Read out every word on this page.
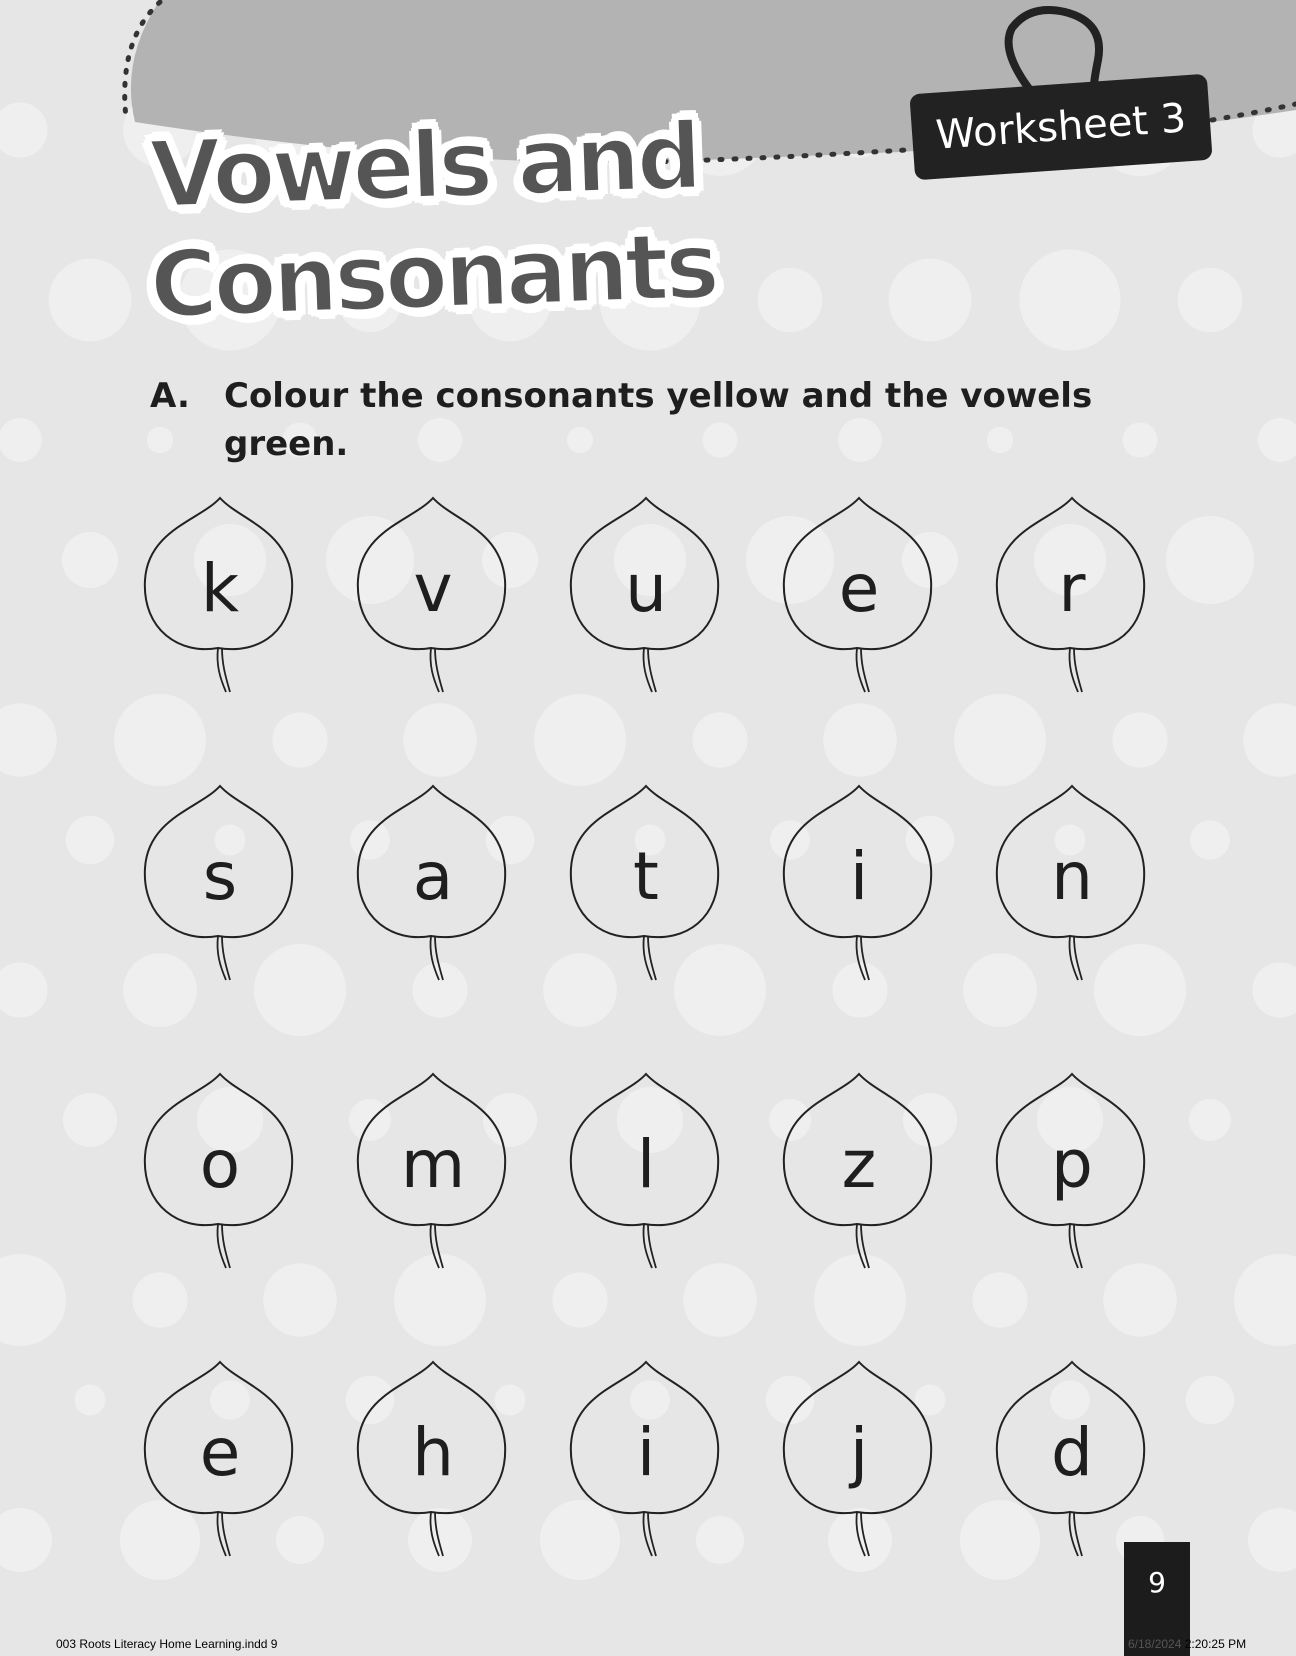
Vowels and
Consonants
Worksheet 3
A. Colour the consonants yellow and the vowels green.
k	v	u	e	r
s	a	t	i	n
o	m	l	z	p
e	h	i	j	d
9
003 Roots Literacy Home Learning.indd 9	6/18/2024 2:20:25 PM
